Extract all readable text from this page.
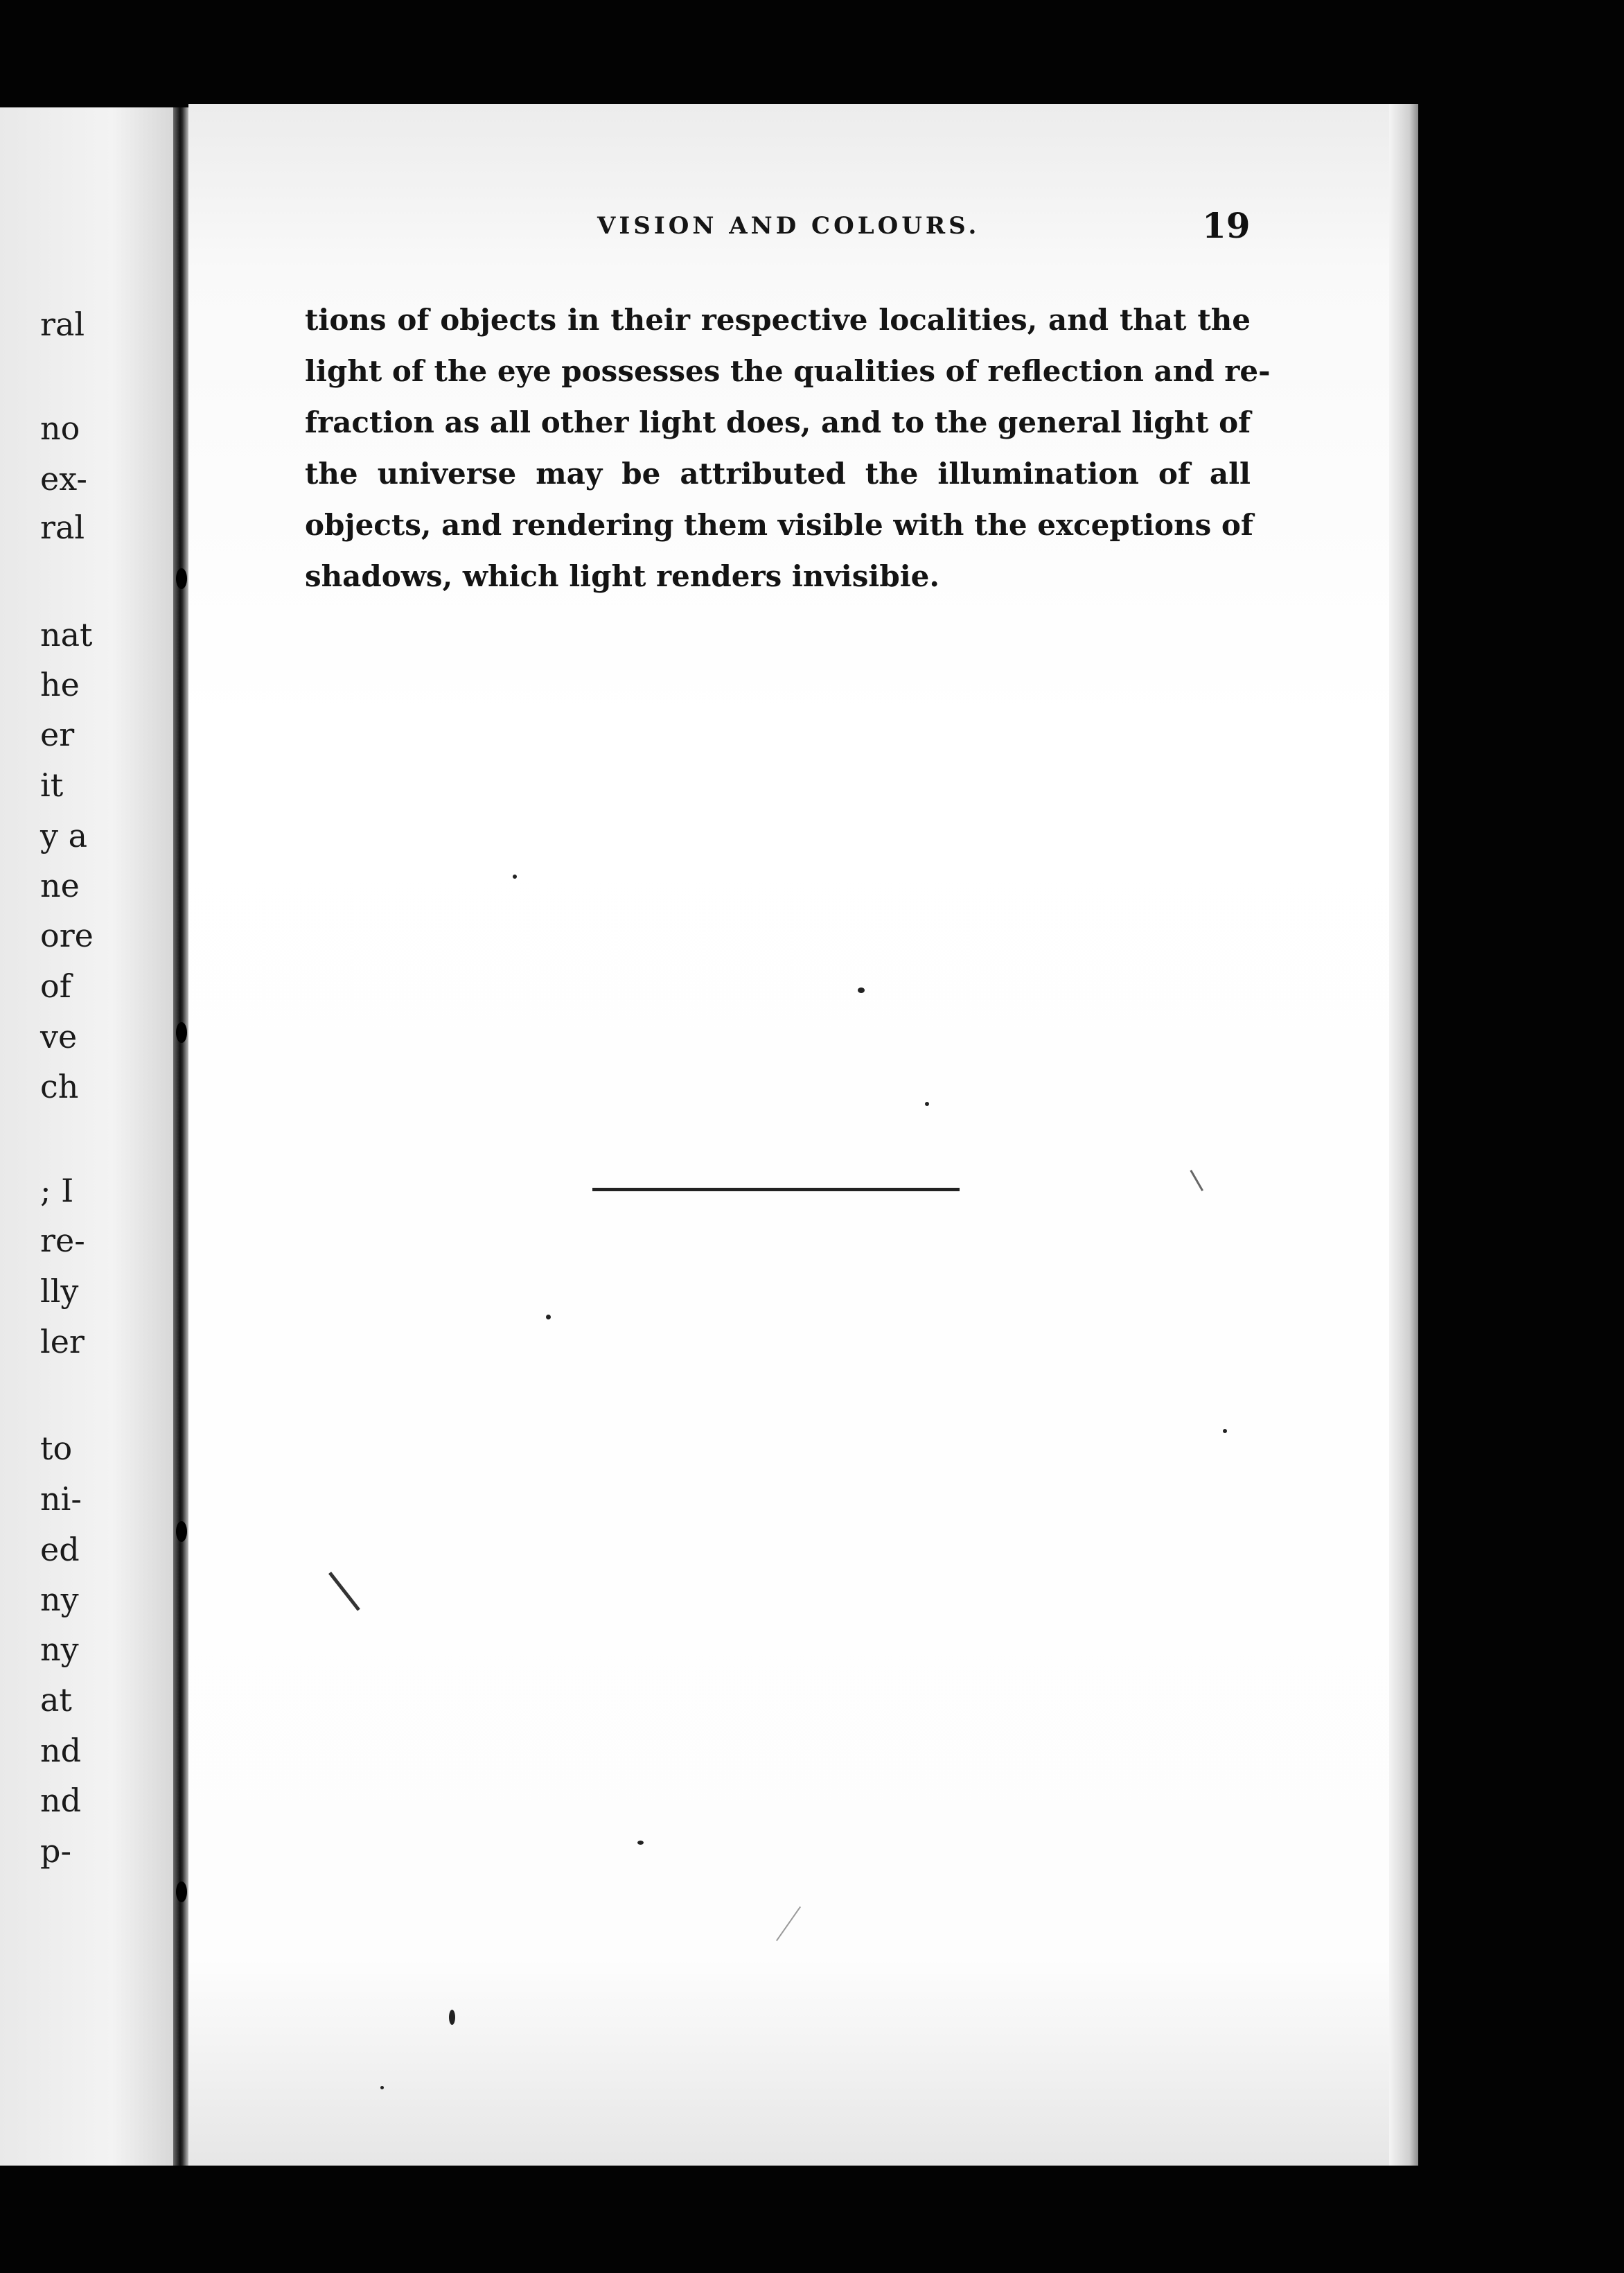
ral
no
ex-
ral
nat
he
er
it
y a
ne
ore
of
ve
ch
; I
re-
lly
ler
to
ni-
ed
ny
ny
at
nd
nd
p-
VISION AND COLOURS.	19
tions of objects in their respective localities, and that the
light of the eye possesses the qualities of reflection and re-
fraction as all other light does, and to the general light of
the universe may be attributed the illumination of all
objects, and rendering them visible with the exceptions of
shadows, which light renders invisibie.
